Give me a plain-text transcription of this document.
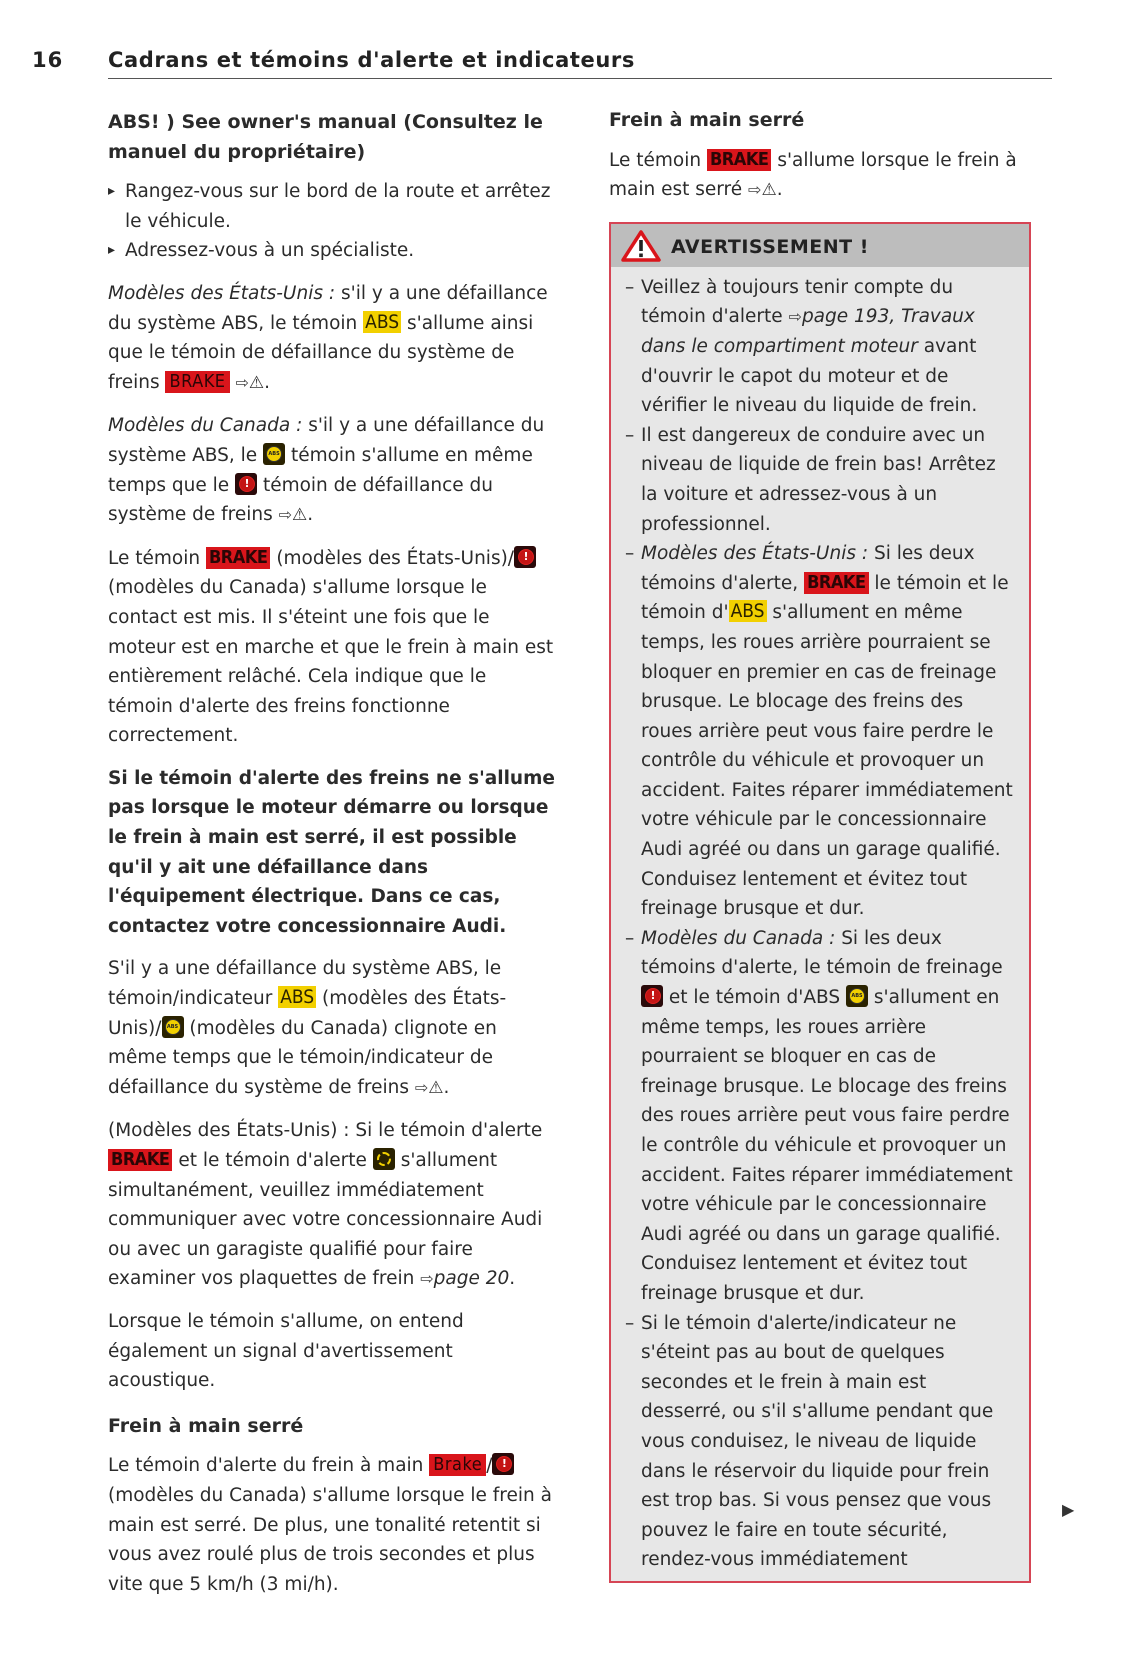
16 Cadrans et témoins d'alerte et indicateurs

ABS! ) See owner's manual (Consultez le manuel du propriétaire)

▸ Rangez-vous sur le bord de la route et arrêtez le véhicule.
▸ Adressez-vous à un spécialiste.

Modèles des États-Unis : s'il y a une défaillance du système ABS, le témoin ABS s'allume ainsi que le témoin de défaillance du système de freins BRAKE ⇨⚠.

Modèles du Canada : s'il y a une défaillance du système ABS, le ABS témoin s'allume en même temps que le ! témoin de défaillance du système de freins ⇨⚠.

Le témoin BRAKE (modèles des États-Unis)/! (modèles du Canada) s'allume lorsque le contact est mis. Il s'éteint une fois que le moteur est en marche et que le frein à main est entièrement relâché. Cela indique que le témoin d'alerte des freins fonctionne correctement.

Si le témoin d'alerte des freins ne s'allume pas lorsque le moteur démarre ou lorsque le frein à main est serré, il est possible qu'il y ait une défaillance dans l'équipement électrique. Dans ce cas, contactez votre concessionnaire Audi.

S'il y a une défaillance du système ABS, le témoin/indicateur ABS (modèles des États-Unis)/ABS (modèles du Canada) clignote en même temps que le témoin/indicateur de défaillance du système de freins ⇨⚠.

(Modèles des États-Unis) : Si le témoin d'alerte BRAKE et le témoin d'alerte  s'allument simultanément, veuillez immédiatement communiquer avec votre concessionnaire Audi ou avec un garagiste qualifié pour faire examiner vos plaquettes de frein ⇨page 20.

Lorsque le témoin s'allume, on entend également un signal d'avertissement acoustique.

Frein à main serré

Le témoin d'alerte du frein à main Brake /! (modèles du Canada) s'allume lorsque le frein à main est serré. De plus, une tonalité retentit si vous avez roulé plus de trois secondes et plus vite que 5 km/h (3 mi/h).

Frein à main serré

Le témoin BRAKE s'allume lorsque le frein à main est serré ⇨⚠.

AVERTISSEMENT !
– Veillez à toujours tenir compte du témoin d'alerte ⇨page 193, Travaux dans le compartiment moteur avant d'ouvrir le capot du moteur et de vérifier le niveau du liquide de frein.
– Il est dangereux de conduire avec un niveau de liquide de frein bas! Arrêtez la voiture et adressez-vous à un professionnel.
– Modèles des États-Unis : Si les deux témoins d'alerte, BRAKE le témoin et le témoin d' ABS s'allument en même temps, les roues arrière pourraient se bloquer en premier en cas de freinage brusque. Le blocage des freins des roues arrière peut vous faire perdre le contrôle du véhicule et provoquer un accident. Faites réparer immédiatement votre véhicule par le concessionnaire Audi agréé ou dans un garage qualifié. Conduisez lentement et évitez tout freinage brusque et dur.
– Modèles du Canada : Si les deux témoins d'alerte, le témoin de freinage ! et le témoin d'ABS ABS s'allument en même temps, les roues arrière pourraient se bloquer en cas de freinage brusque. Le blocage des freins des roues arrière peut vous faire perdre le contrôle du véhicule et provoquer un accident. Faites réparer immédiatement votre véhicule par le concessionnaire Audi agréé ou dans un garage qualifié. Conduisez lentement et évitez tout freinage brusque et dur.
– Si le témoin d'alerte/indicateur ne s'éteint pas au bout de quelques secondes et le frein à main est desserré, ou s'il s'allume pendant que vous conduisez, le niveau de liquide dans le réservoir du liquide pour frein est trop bas. Si vous pensez que vous pouvez le faire en toute sécurité, rendez-vous immédiatement
▶
